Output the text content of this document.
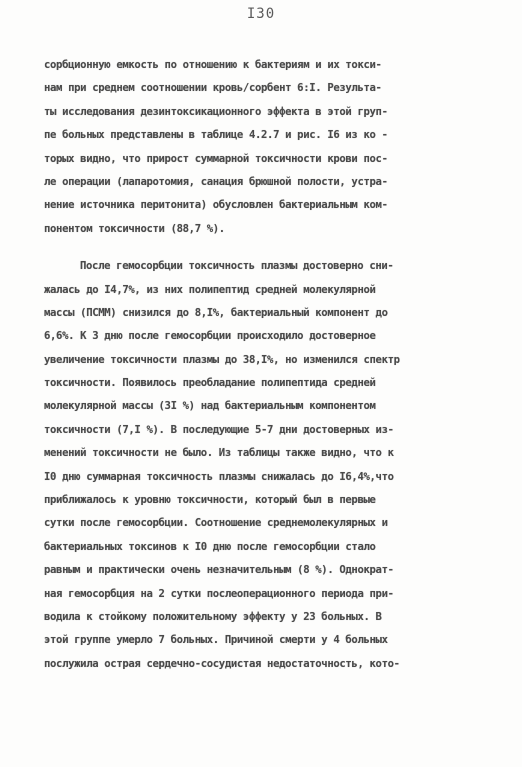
I30
сорбционную емкость по отношению к бактериям и их токси-
нам при среднем соотношении кровь/сорбент 6:I. Результа-
ты исследования дезинтоксикационного эффекта в этой груп-
пе больных представлены в таблице 4.2.7 и рис. I6 из ко -
торых видно, что прирост суммарной токсичности крови пос-
ле операции (лапаротомия, санация брюшной полости, устра-
нение источника перитонита) обусловлен бактериальным ком-
понентом токсичности (88,7 %).
После гемосорбции токсичность плазмы достоверно сни-
жалась до I4,7%, из них полипептид средней молекулярной
массы (ПСММ) снизился до 8,I%, бактериальный компонент до
6,6%. К 3 дню после гемосорбции происходило достоверное
увеличение токсичности плазмы до 38,I%, но изменился спектр
токсичности. Появилось преобладание полипептида средней
молекулярной массы (3I %) над бактериальным компонентом
токсичности (7,I %). В последующие 5-7 дни достоверных из-
менений токсичности не было. Из таблицы также видно, что к
I0 дню суммарная токсичность плазмы снижалась до I6,4%,что
приближалось к уровню токсичности, который был в первые
сутки после гемосорбции. Соотношение среднемолекулярных и
бактериальных токсинов к I0 дню после гемосорбции стало
равным и практически очень незначительным (8 %). Однократ-
ная гемосорбция на 2 сутки послеоперационного периода при-
водила к стойкому положительному эффекту у 23 больных. В
этой группе умерло 7 больных. Причиной смерти у 4 больных
послужила острая сердечно-сосудистая недостаточность, кото-
